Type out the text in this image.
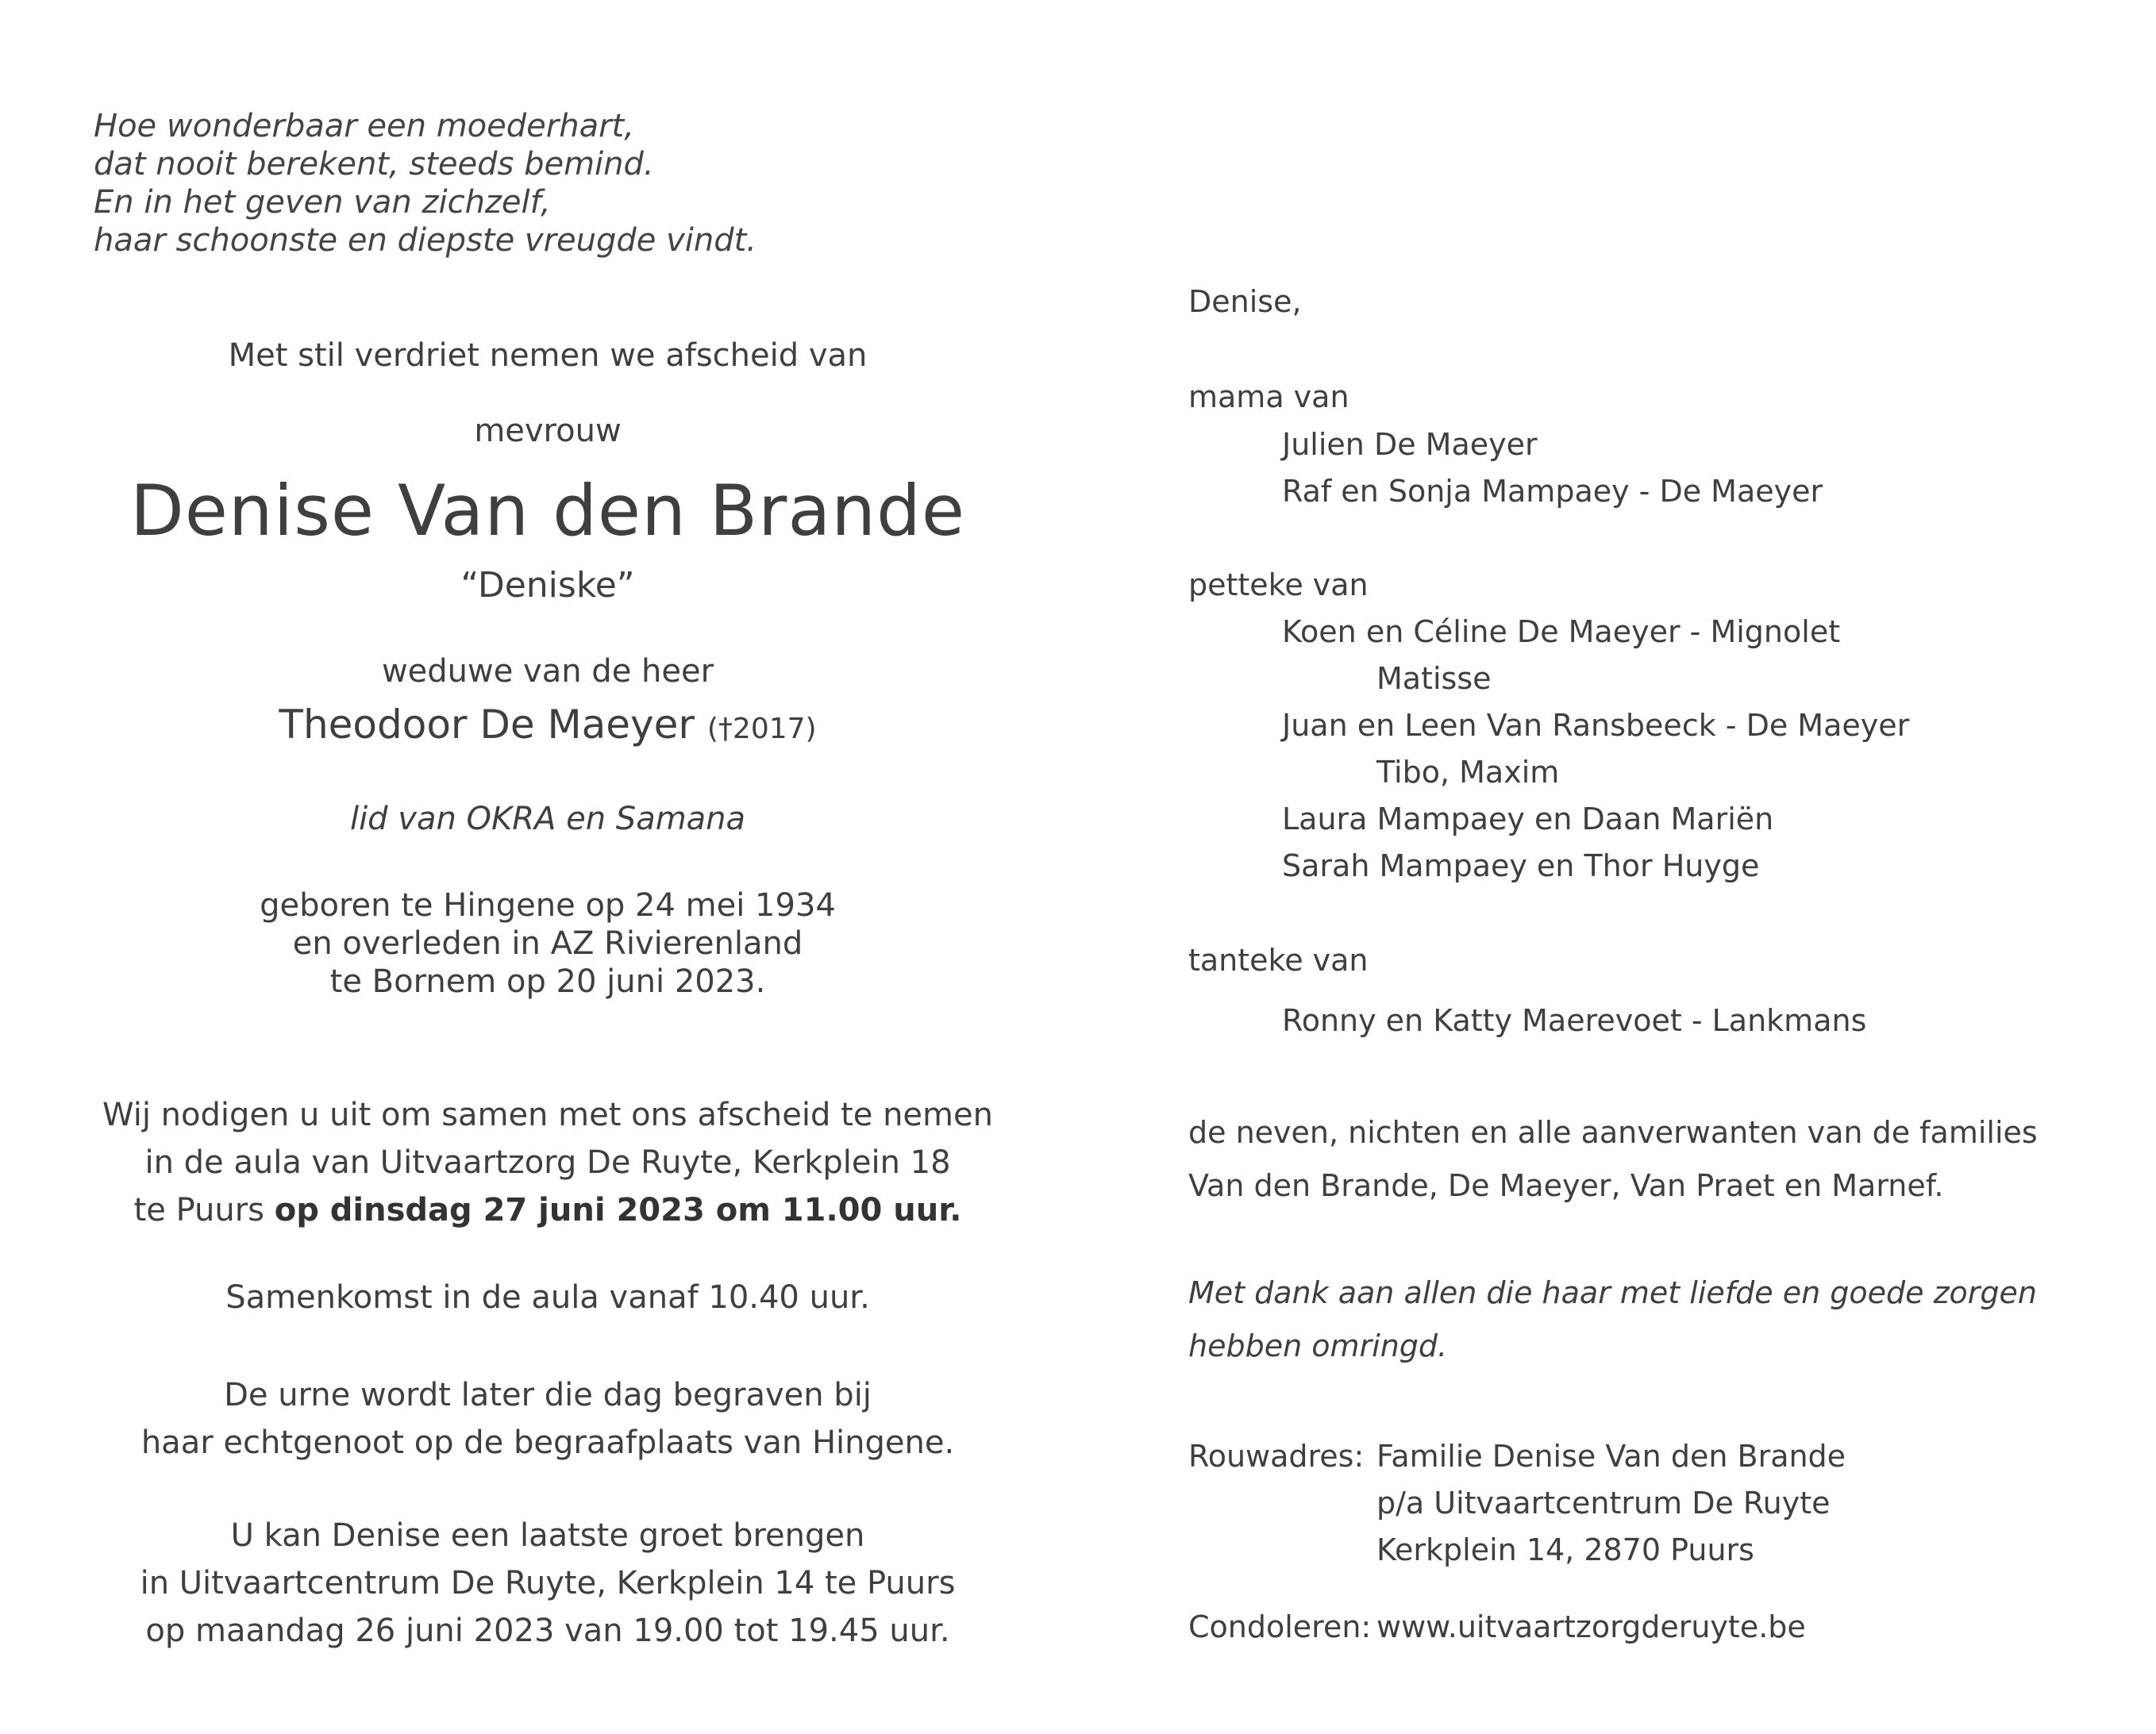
Hoe wonderbaar een moederhart,
dat nooit berekent, steeds bemind.
En in het geven van zichzelf,
haar schoonste en diepste vreugde vindt.
Met stil verdriet nemen we afscheid van
mevrouw
Denise Van den Brande
“Deniske”
weduwe van de heer
Theodoor De Maeyer (†2017)
lid van OKRA en Samana
geboren te Hingene op 24 mei 1934
en overleden in AZ Rivierenland
te Bornem op 20 juni 2023.
Wij nodigen u uit om samen met ons afscheid te nemen
in de aula van Uitvaartzorg De Ruyte, Kerkplein 18
te Puurs op dinsdag 27 juni 2023 om 11.00 uur.
Samenkomst in de aula vanaf 10.40 uur.
De urne wordt later die dag begraven bij
haar echtgenoot op de begraafplaats van Hingene.
U kan Denise een laatste groet brengen
in Uitvaartcentrum De Ruyte, Kerkplein 14 te Puurs
op maandag 26 juni 2023 van 19.00 tot 19.45 uur.
Denise,
mama van
Julien De Maeyer
Raf en Sonja Mampaey - De Maeyer
petteke van
Koen en Céline De Maeyer - Mignolet
Matisse
Juan en Leen Van Ransbeeck - De Maeyer
Tibo, Maxim
Laura Mampaey en Daan Mariën
Sarah Mampaey en Thor Huyge
tanteke van
Ronny en Katty Maerevoet - Lankmans
de neven, nichten en alle aanverwanten van de families
Van den Brande, De Maeyer, Van Praet en Marnef.
Met dank aan allen die haar met liefde en goede zorgen
hebben omringd.
Rouwadres: Familie Denise Van den Brande
p/a Uitvaartcentrum De Ruyte
Kerkplein 14, 2870 Puurs
Condoleren: www.uitvaartzorgderuyte.be
